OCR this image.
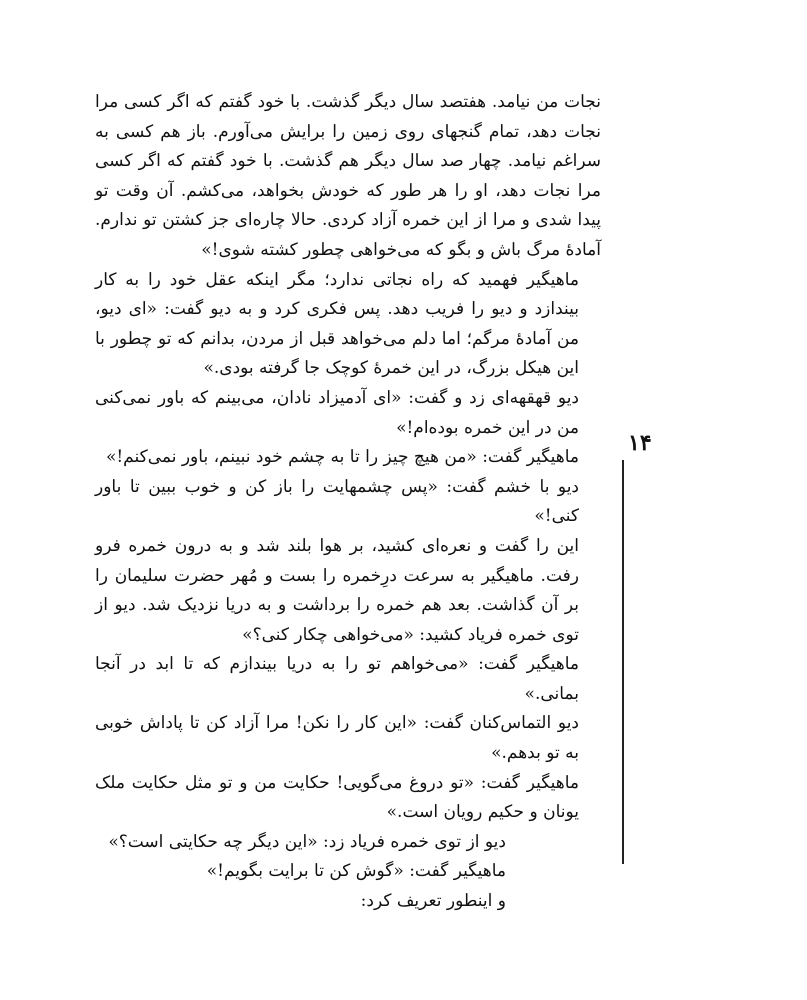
نجات من نیامد. هفتصد سال دیگر گذشت. با خود گفتم که اگر کسی مرا نجات دهد، تمام گنجهای روی زمین را برایش می‌آورم. باز هم کسی به سراغم نیامد. چهار صد سال دیگر هم گذشت. با خود گفتم که اگر کسی مرا نجات دهد، او را هر طور که خودش بخواهد، می‌کشم. آن وقت تو پیدا شدی و مرا از این خمره آزاد کردی. حالا چاره‌ای جز کشتن تو ندارم. آمادهٔ مرگ باش و بگو که می‌خواهی چطور کشته شوی!»

ماهیگیر فهمید که راه نجاتی ندارد؛ مگر اینکه عقل خود را به کار بیندازد و دیو را فریب دهد. پس فکری کرد و به دیو گفت: «ای دیو، من آمادهٔ مرگم؛ اما دلم می‌خواهد قبل از مردن، بدانم که تو چطور با این هیکل بزرگ، در این خمرهٔ کوچک جا گرفته بودی.»

دیو قهقهه‌ای زد و گفت: «ای آدمیزاد نادان، می‌بینم که باور نمی‌کنی من در این خمره بوده‌ام!»

ماهیگیر گفت: «من هیچ چیز را تا به چشم خود نبینم، باور نمی‌کنم!»

دیو با خشم گفت: «پس چشمهایت را باز کن و خوب ببین تا باور کنی!»

این را گفت و نعره‌ای کشید، بر هوا بلند شد و به درون خمره فرو رفت. ماهیگیر به سرعت درِخمره را بست و مُهر حضرت سلیمان را بر آن گذاشت. بعد هم خمره را برداشت و به دریا نزدیک شد. دیو از توی خمره فریاد کشید: «می‌خواهی چکار کنی؟»

ماهیگیر گفت: «می‌خواهم تو را به دریا بیندازم که تا ابد در آنجا بمانی.»

دیو التماس‌کنان گفت: «این کار را نکن! مرا آزاد کن تا پاداش خوبی به تو بدهم.»

ماهیگیر گفت: «تو دروغ می‌گویی! حکایت من و تو مثل حکایت ملک یونان و حکیم رویان است.»

دیو از توی خمره فریاد زد: «این دیگر چه حکایتی است؟»

ماهیگیر گفت: «گوش کن تا برایت بگویم!»

و اینطور تعریف کرد:

۱۴
